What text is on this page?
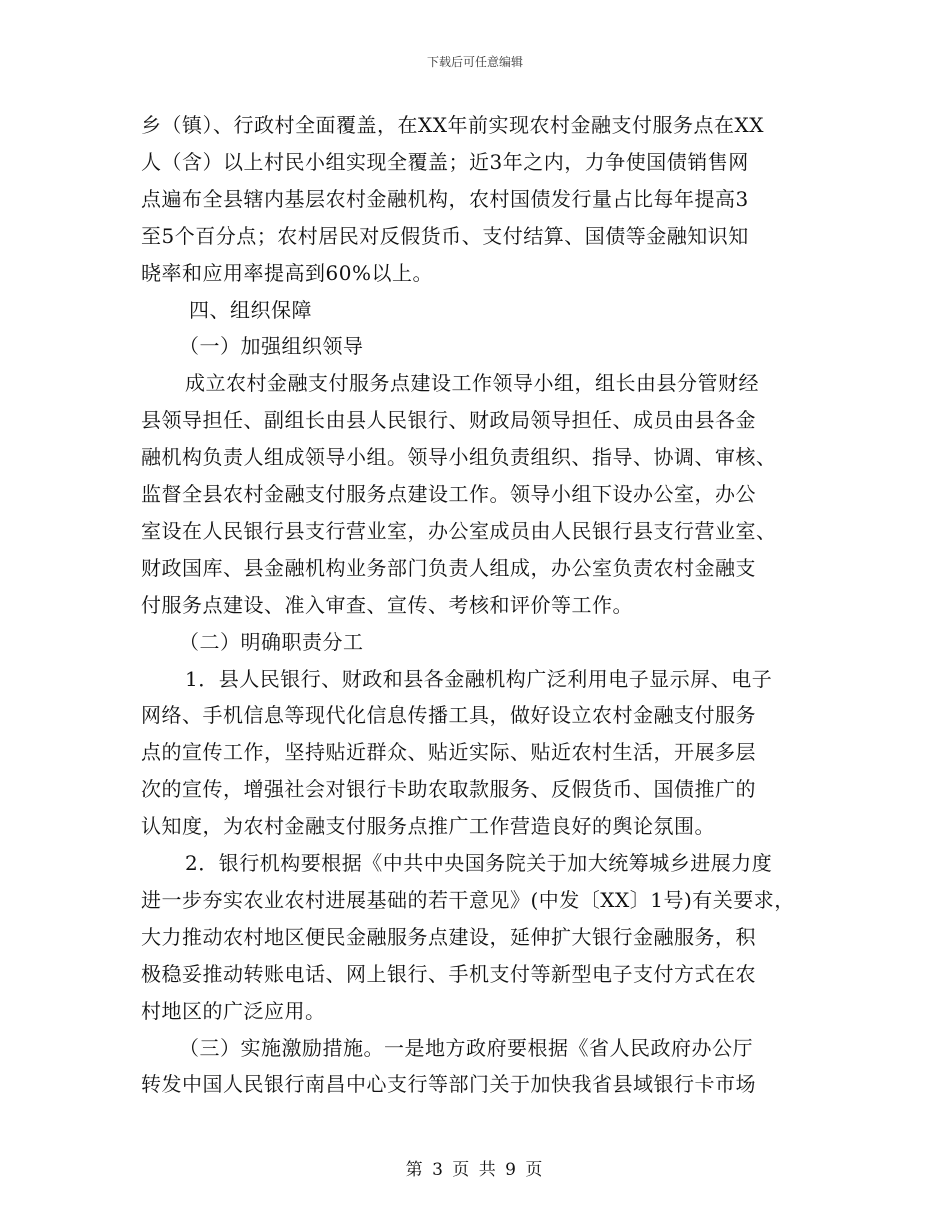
下载后可任意编辑
乡（镇）、行政村全面覆盖，在XX年前实现农村金融支付服务点在XX
人（含）以上村民小组实现全覆盖；近3年之内，力争使国债销售网
点遍布全县辖内基层农村金融机构，农村国债发行量占比每年提高3
至5个百分点；农村居民对反假货币、支付结算、国债等金融知识知
晓率和应用率提高到60%以上。
四、组织保障
（一）加强组织领导
成立农村金融支付服务点建设工作领导小组，组长由县分管财经
县领导担任、副组长由县人民银行、财政局领导担任、成员由县各金
融机构负责人组成领导小组。领导小组负责组织、指导、协调、审核、
监督全县农村金融支付服务点建设工作。领导小组下设办公室，办公
室设在人民银行县支行营业室，办公室成员由人民银行县支行营业室、
财政国库、县金融机构业务部门负责人组成，办公室负责农村金融支
付服务点建设、准入审查、宣传、考核和评价等工作。
（二）明确职责分工
1．县人民银行、财政和县各金融机构广泛利用电子显示屏、电子
网络、手机信息等现代化信息传播工具，做好设立农村金融支付服务
点的宣传工作，坚持贴近群众、贴近实际、贴近农村生活，开展多层
次的宣传，增强社会对银行卡助农取款服务、反假货币、国债推广的
认知度，为农村金融支付服务点推广工作营造良好的舆论氛围。
2．银行机构要根据《中共中央国务院关于加大统筹城乡进展力度
进一步夯实农业农村进展基础的若干意见》(中发〔XX〕1号)有关要求，
大力推动农村地区便民金融服务点建设，延伸扩大银行金融服务，积
极稳妥推动转账电话、网上银行、手机支付等新型电子支付方式在农
村地区的广泛应用。
（三）实施激励措施。一是地方政府要根据《省人民政府办公厅
转发中国人民银行南昌中心支行等部门关于加快我省县域银行卡市场
第 3 页 共 9 页
